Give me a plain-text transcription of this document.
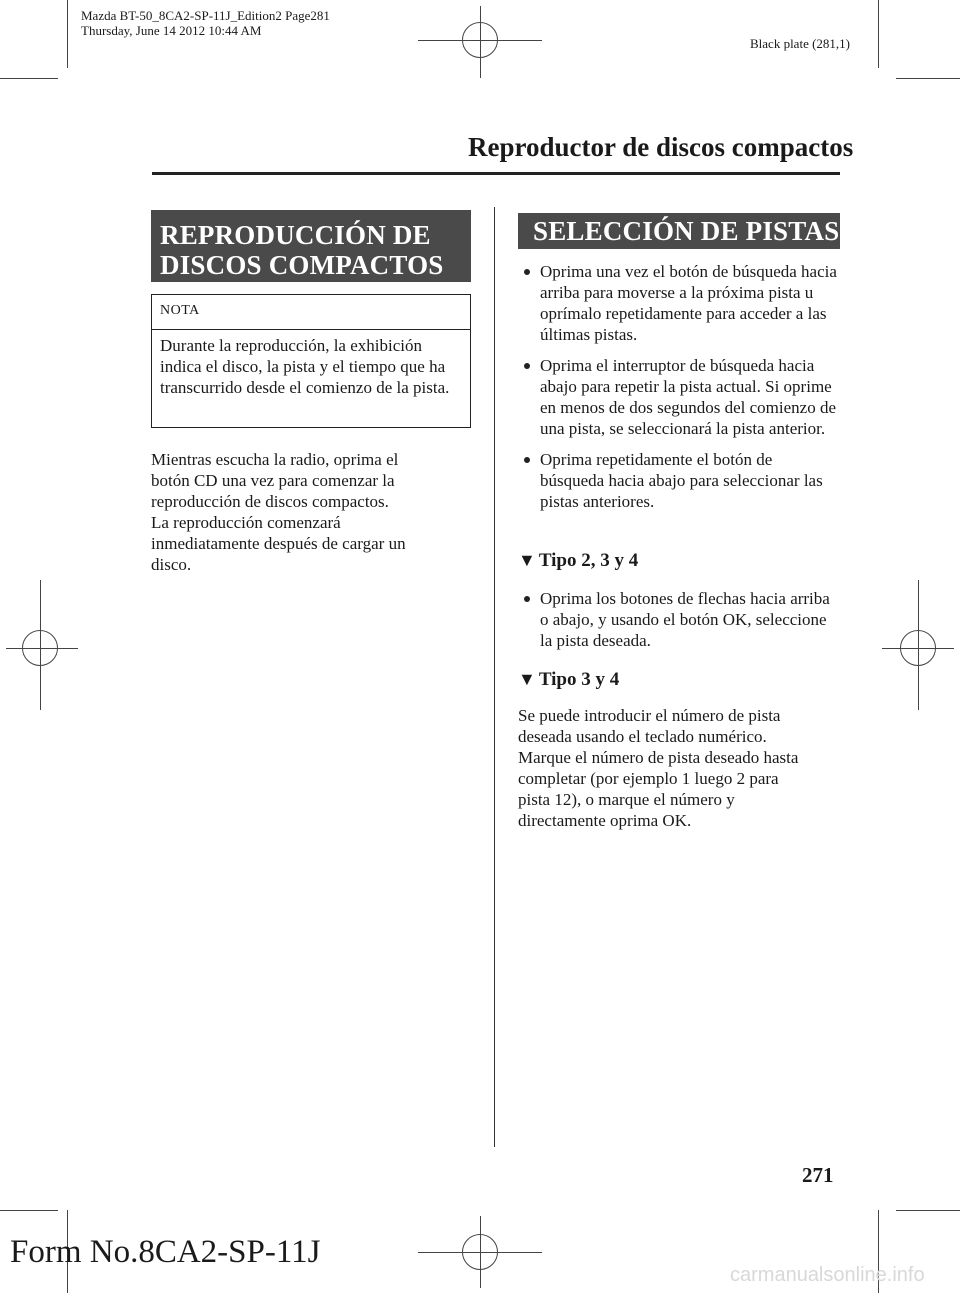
Mazda BT-50_8CA2-SP-11J_Edition2 Page281
Thursday, June 14 2012 10:44 AM
Black plate (281,1)
Reproductor de discos compactos
REPRODUCCIÓN DE
DISCOS COMPACTOS
NOTA
Durante la reproducción, la exhibición indica el disco, la pista y el tiempo que ha transcurrido desde el comienzo de la pista.
Mientras escucha la radio, oprima el
botón CD una vez para comenzar la
reproducción de discos compactos.
La reproducción comenzará
inmediatamente después de cargar un
disco.
SELECCIÓN DE PISTAS
Oprima una vez el botón de búsqueda hacia arriba para moverse a la próxima pista u oprímalo repetidamente para acceder a las últimas pistas.
Oprima el interruptor de búsqueda hacia abajo para repetir la pista actual. Si oprime en menos de dos segundos del comienzo de una pista, se seleccionará la pista anterior.
Oprima repetidamente el botón de búsqueda hacia abajo para seleccionar las pistas anteriores.
▼ Tipo 2, 3 y 4
Oprima los botones de flechas hacia arriba o abajo, y usando el botón OK, seleccione la pista deseada.
▼ Tipo 3 y 4
Se puede introducir el número de pista
deseada usando el teclado numérico.
Marque el número de pista deseado hasta
completar (por ejemplo 1 luego 2 para
pista 12), o marque el número y
directamente oprima OK.
271
Form No.8CA2-SP-11J
carmanualsonline.info
